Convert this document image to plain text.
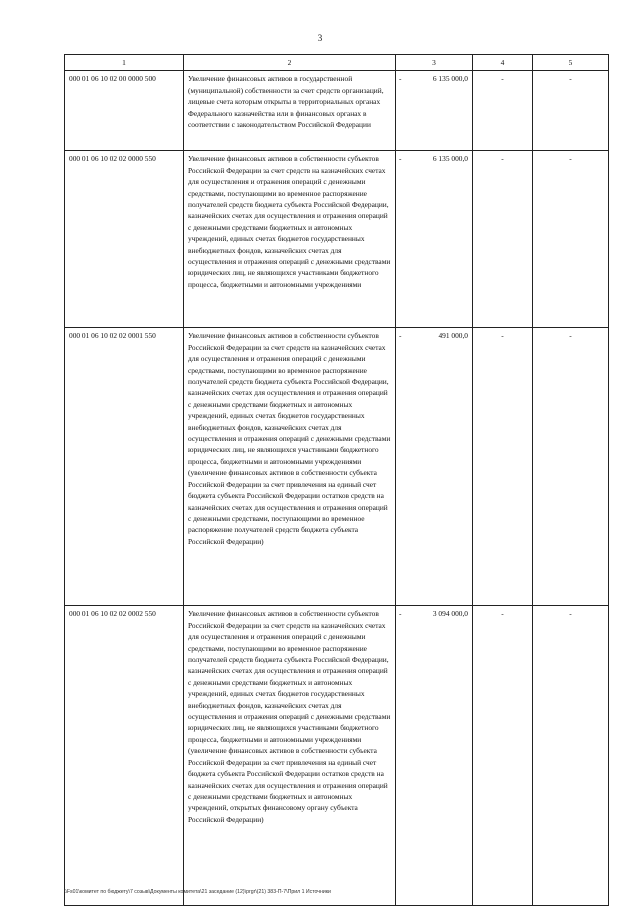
3
1	2	3	4	5
000 01 06 10 02 00 0000 500	Увеличение финансовых активов в государственной (муниципальной) собственности за счет средств организаций, лицевые счета которым открыты в территориальных органах Федерального казначейства или в финансовых органах в соответствии с законодательством Российской Федерации	- 6 135 000,0	-	-
000 01 06 10 02 02 0000 550	Увеличение финансовых активов в собственности субъектов Российской Федерации за счет средств на казначейских счетах для осуществления и отражения операций с денежными средствами, поступающими во временное распоряжение получателей средств бюджета субъекта Российской Федерации, казначейских счетах для осуществления и отражения операций с денежными средствами бюджетных и автономных учреждений, единых счетах бюджетов государственных внебюджетных фондов, казначейских счетах для осуществления и отражения операций с денежными средствами юридических лиц, не являющихся участниками бюджетного процесса, бюджетными и автономными учреждениями	- 6 135 000,0	-	-
000 01 06 10 02 02 0001 550	Увеличение финансовых активов в собственности субъектов Российской Федерации за счет средств на казначейских счетах для осуществления и отражения операций с денежными средствами, поступающими во временное распоряжение получателей средств бюджета субъекта Российской Федерации, казначейских счетах для осуществления и отражения операций с денежными средствами бюджетных и автономных учреждений, единых счетах бюджетов государственных внебюджетных фондов, казначейских счетах для осуществления и отражения операций с денежными средствами юридических лиц, не являющихся участниками бюджетного процесса, бюджетными и автономными учреждениями (увеличение финансовых активов в собственности субъекта Российской Федерации за счет привлечения на единый счет бюджета субъекта Российской Федерации остатков средств на казначейских счетах для осуществления и отражения операций с денежными средствами, поступающими во временное распоряжение получателей средств бюджета субъекта Российской Федерации)	- 491 000,0	-	-
000 01 06 10 02 02 0002 550	Увеличение финансовых активов в собственности субъектов Российской Федерации за счет средств на казначейских счетах для осуществления и отражения операций с денежными средствами, поступающими во временное распоряжение получателей средств бюджета субъекта Российской Федерации, казначейских счетах для осуществления и отражения операций с денежными средствами бюджетных и автономных учреждений, единых счетах бюджетов государственных внебюджетных фондов, казначейских счетах для осуществления и отражения операций с денежными средствами юридических лиц, не являющихся участниками бюджетного процесса, бюджетными и автономными учреждениями (увеличение финансовых активов в собственности субъекта Российской Федерации за счет привлечения на единый счет бюджета субъекта Российской Федерации остатков средств на казначейских счетах для осуществления и отражения операций с денежными средствами бюджетных и автономных учреждений, открытых финансовому органу субъекта Российской Федерации)	- 3 094 000,0	-	-
\\Fs01\комитет по бюджету\7 созыв\Документы комитета\21 заседание (12)\prgr\(21) 383-П-7\Прил 1 Источники
